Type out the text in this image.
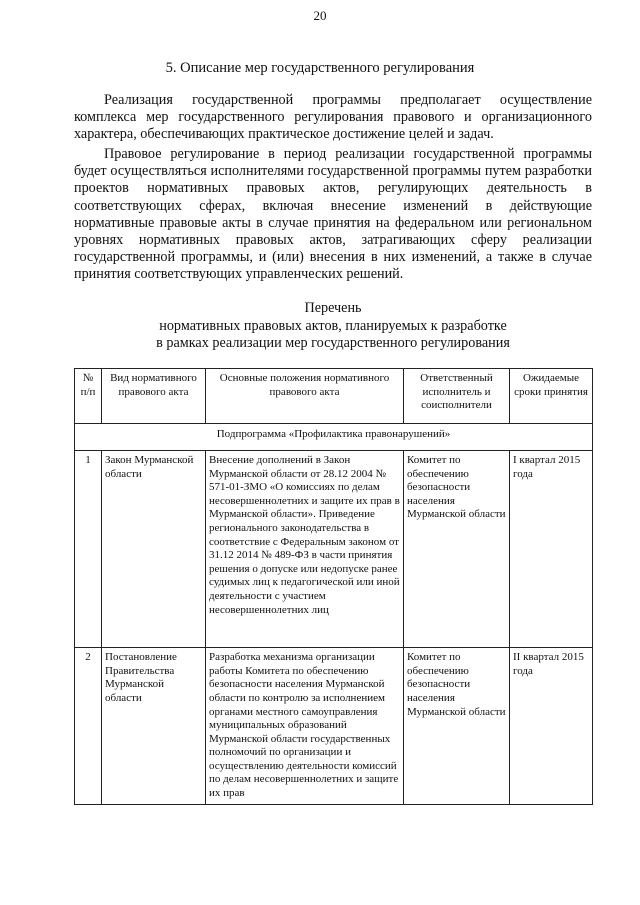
20
5. Описание мер государственного регулирования

Реализация государственной программы предполагает осуществление комплекса мер государственного регулирования правового и организационного характера, обеспечивающих практическое достижение целей и задач.

Правовое регулирование в период реализации государственной программы будет осуществляться исполнителями государственной программы путем разработки проектов нормативных правовых актов, регулирующих деятельность в соответствующих сферах, включая внесение изменений в действующие нормативные правовые акты в случае принятия на федеральном или региональном уровнях нормативных правовых актов, затрагивающих сферу реализации государственной программы, и (или) внесения в них изменений, а также в случае принятия соответствующих управленческих решений.

Перечень
нормативных правовых актов, планируемых к разработке
в рамках реализации мер государственного регулирования
№ п/п	Вид нормативного правового акта	Основные положения нормативного правового акта	Ответственный исполнитель и соисполнители	Ожидаемые сроки принятия
Подпрограмма «Профилактика правонарушений»				
1	Закон Мурманской области	Внесение дополнений в Закон Мурманской области от 28.12 2004 № 571-01-ЗМО «О комиссиях по делам несовершеннолетних и защите их прав в Мурманской области». Приведение регионального законодательства в соответствие с Федеральным законом от 31.12 2014 № 489-ФЗ в части принятия решения о допуске или недопуске ранее судимых лиц к педагогической или иной деятельности с участием несовершеннолетних лиц	Комитет по обеспечению безопасности населения Мурманской области	I квартал 2015 года
2	Постановление Правительства Мурманской области	Разработка механизма организации работы Комитета по обеспечению безопасности населения Мурманской области по контролю за исполнением органами местного самоуправления муниципальных образований Мурманской области государственных полномочий по организации и осуществлению деятельности комиссий по делам несовершеннолетних и защите их прав	Комитет по обеспечению безопасности населения Мурманской области	II квартал 2015 года
